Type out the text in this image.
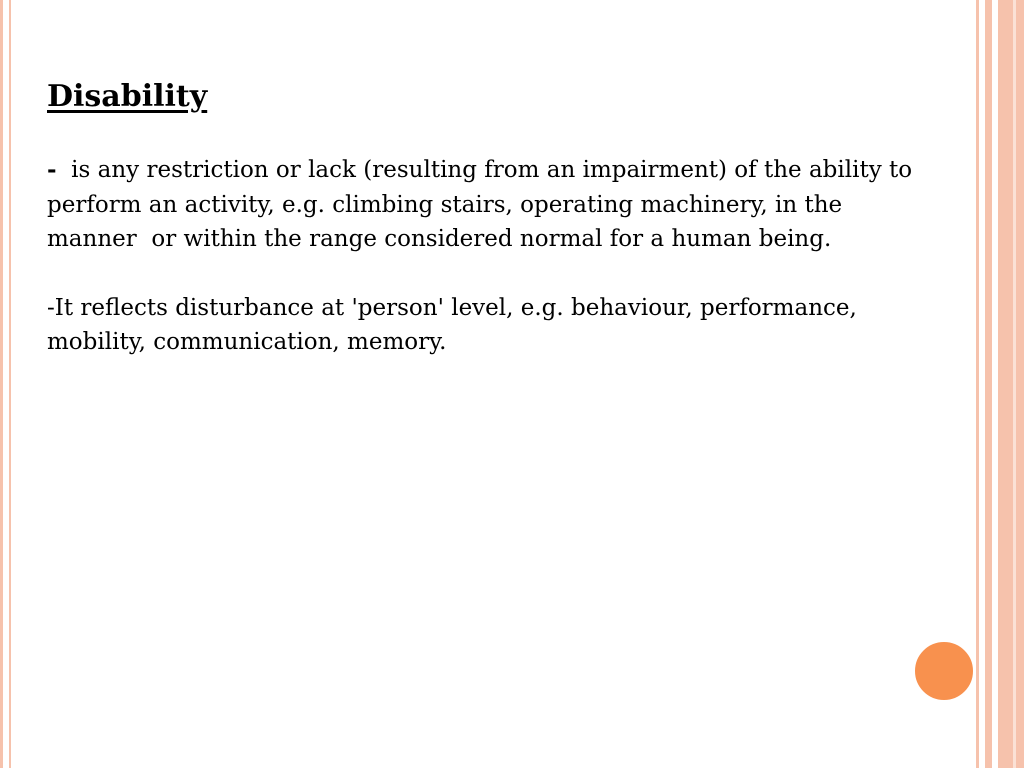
Disability

-  is any restriction or lack (resulting from an impairment) of the ability to perform an activity, e.g. climbing stairs, operating machinery, in the manner  or within the range considered normal for a human being.

-It reflects disturbance at 'person' level, e.g. behaviour, performance, mobility, communication, memory.
